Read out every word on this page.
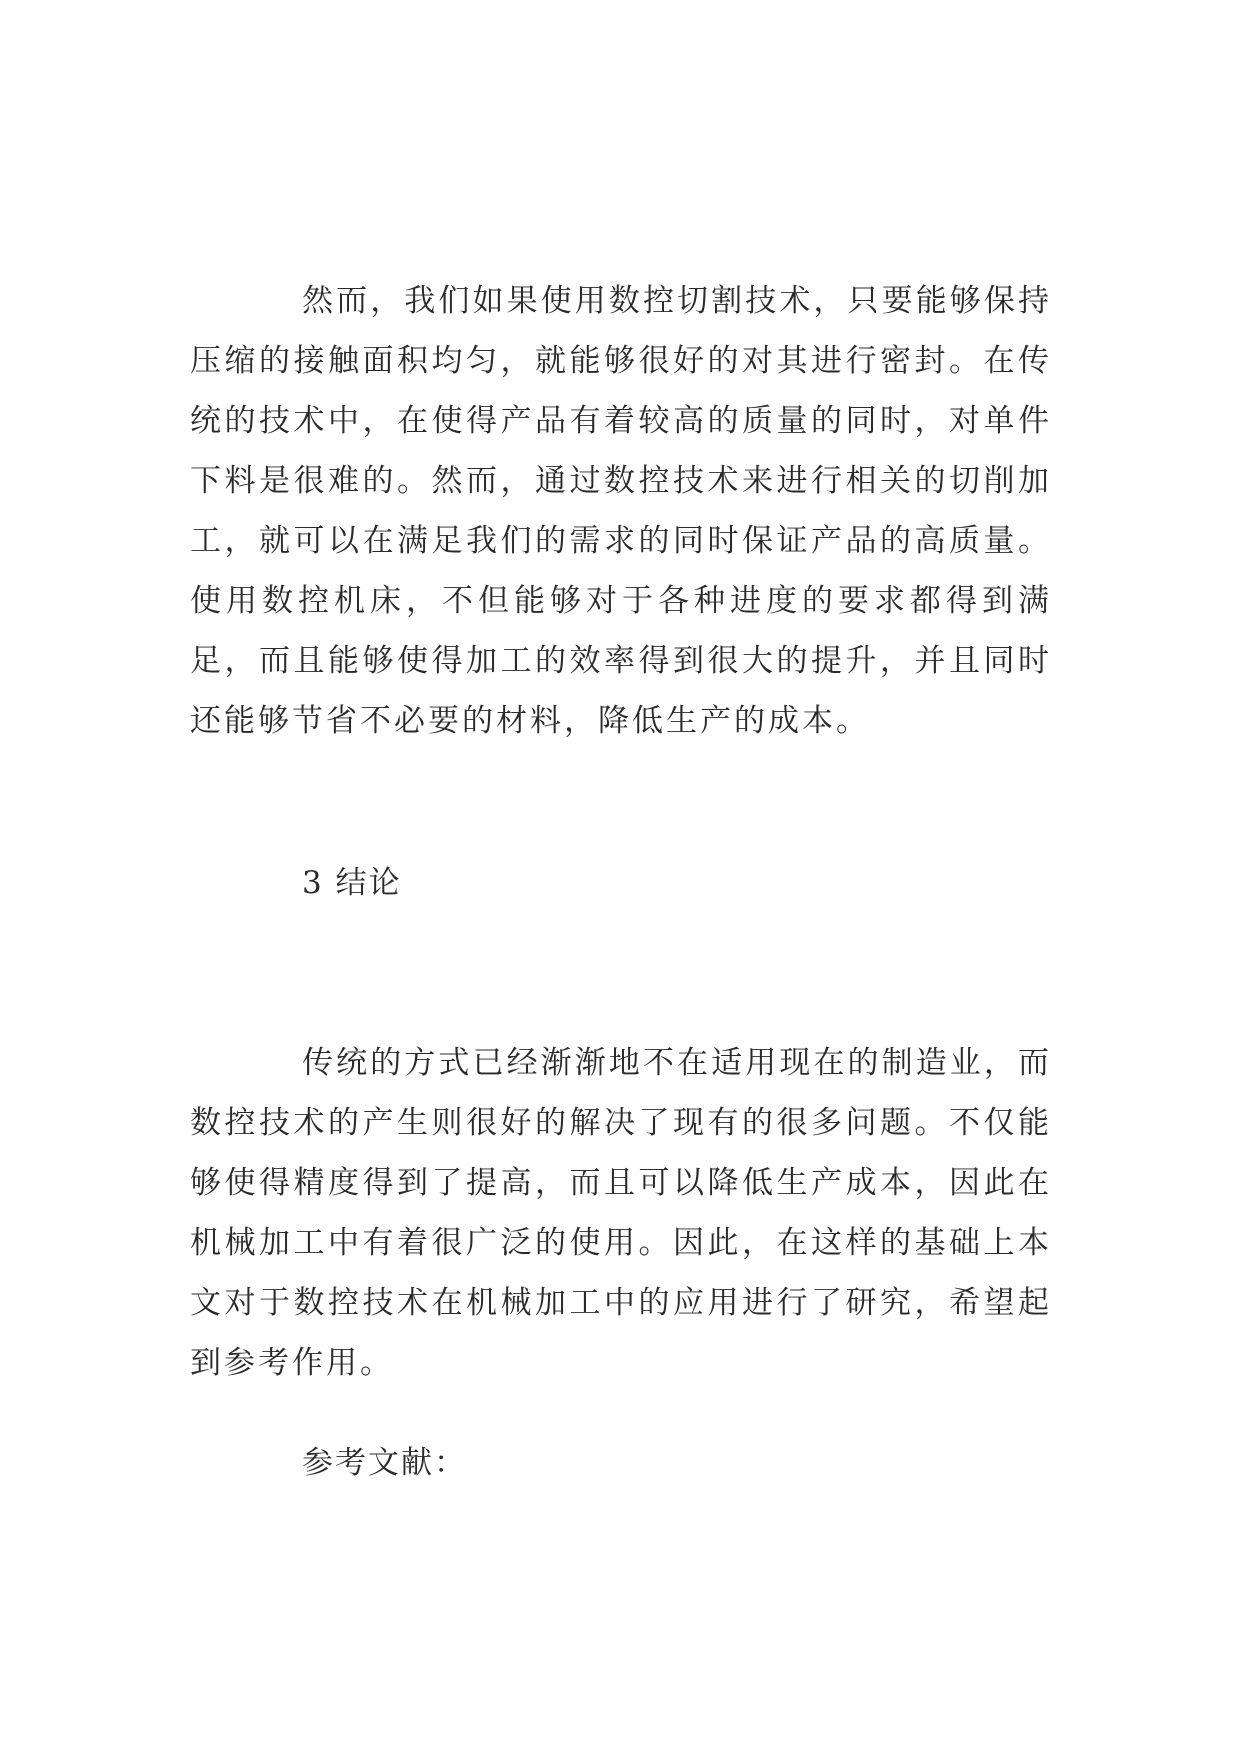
然而，我们如果使用数控切割技术，只要能够保持压缩的接触面积均匀，就能够很好的对其进行密封。在传统的技术中，在使得产品有着较高的质量的同时，对单件下料是很难的。然而，通过数控技术来进行相关的切削加工，就可以在满足我们的需求的同时保证产品的高质量。使用数控机床，不但能够对于各种进度的要求都得到满足，而且能够使得加工的效率得到很大的提升，并且同时还能够节省不必要的材料，降低生产的成本。

3 结论

传统的方式已经渐渐地不在适用现在的制造业，而数控技术的产生则很好的解决了现有的很多问题。不仅能够使得精度得到了提高，而且可以降低生产成本，因此在机械加工中有着很广泛的使用。因此，在这样的基础上本文对于数控技术在机械加工中的应用进行了研究，希望起到参考作用。

参考文献：
